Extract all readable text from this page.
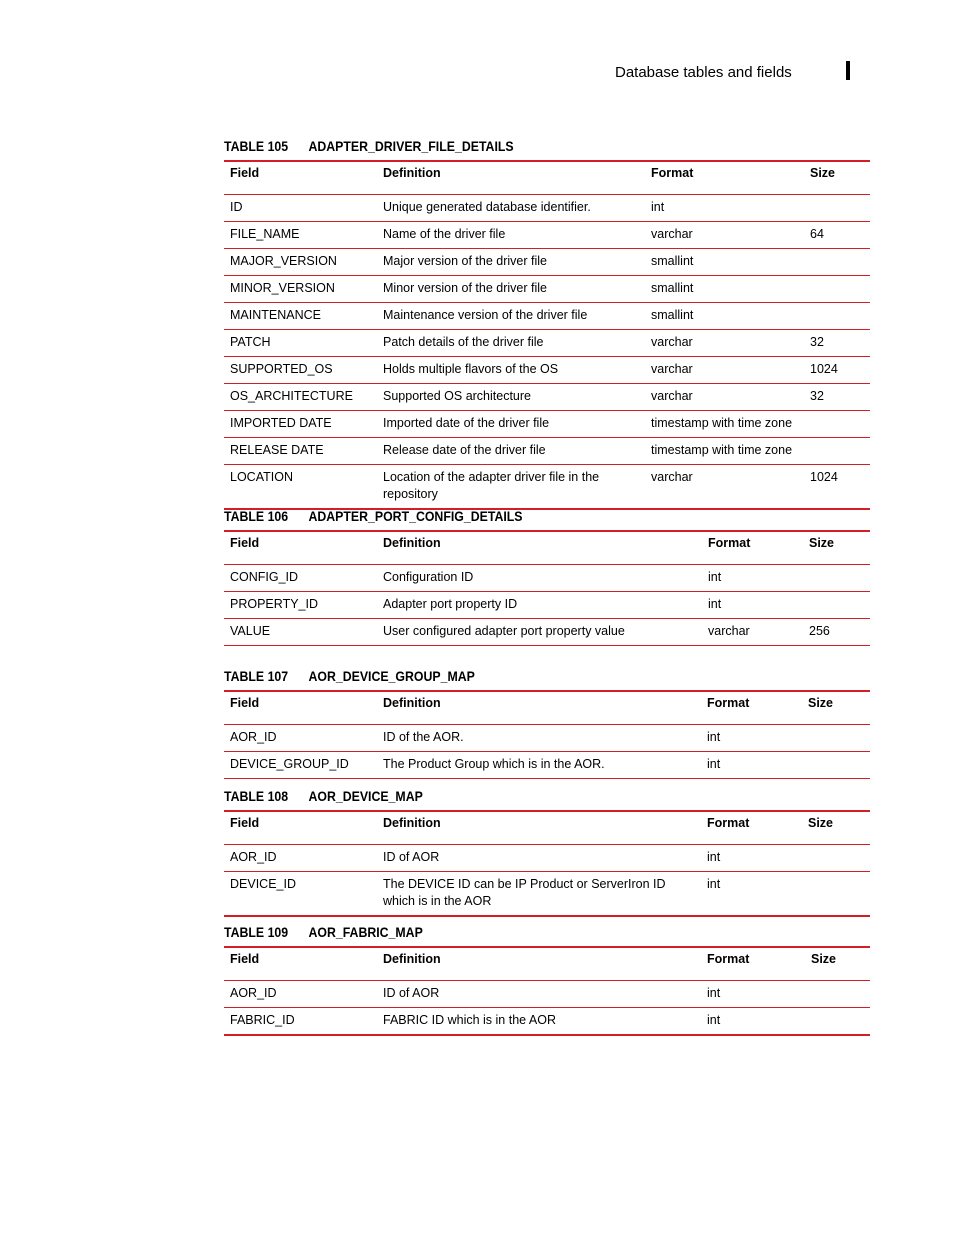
Database tables and fields
TABLE 105 ADAPTER_DRIVER_FILE_DETAILS
Field	Definition	Format	Size
ID	Unique generated database identifier.	int	
FILE_NAME	Name of the driver file	varchar	64
MAJOR_VERSION	Major version of the driver file	smallint	
MINOR_VERSION	Minor version of the driver file	smallint	
MAINTENANCE	Maintenance version of the driver file	smallint	
PATCH	Patch details of the driver file	varchar	32
SUPPORTED_OS	Holds multiple flavors of the OS	varchar	1024
OS_ARCHITECTURE	Supported OS architecture	varchar	32
IMPORTED DATE	Imported date of the driver file	timestamp with time zone	
RELEASE DATE	Release date of the driver file	timestamp with time zone	
LOCATION	Location of the adapter driver file in the repository	varchar	1024
TABLE 106 ADAPTER_PORT_CONFIG_DETAILS
Field	Definition	Format	Size
CONFIG_ID	Configuration ID	int	
PROPERTY_ID	Adapter port property ID	int	
VALUE	User configured adapter port property value	varchar	256
TABLE 107 AOR_DEVICE_GROUP_MAP
Field	Definition	Format	Size
AOR_ID	ID of the AOR.	int	
DEVICE_GROUP_ID	The Product Group which is in the AOR.	int	
TABLE 108 AOR_DEVICE_MAP
Field	Definition	Format	Size
AOR_ID	ID of AOR	int	
DEVICE_ID	The DEVICE ID can be IP Product or ServerIron ID which is in the AOR	int	
TABLE 109 AOR_FABRIC_MAP
Field	Definition	Format	Size
AOR_ID	ID of AOR	int	
FABRIC_ID	FABRIC ID which is in the AOR	int	
